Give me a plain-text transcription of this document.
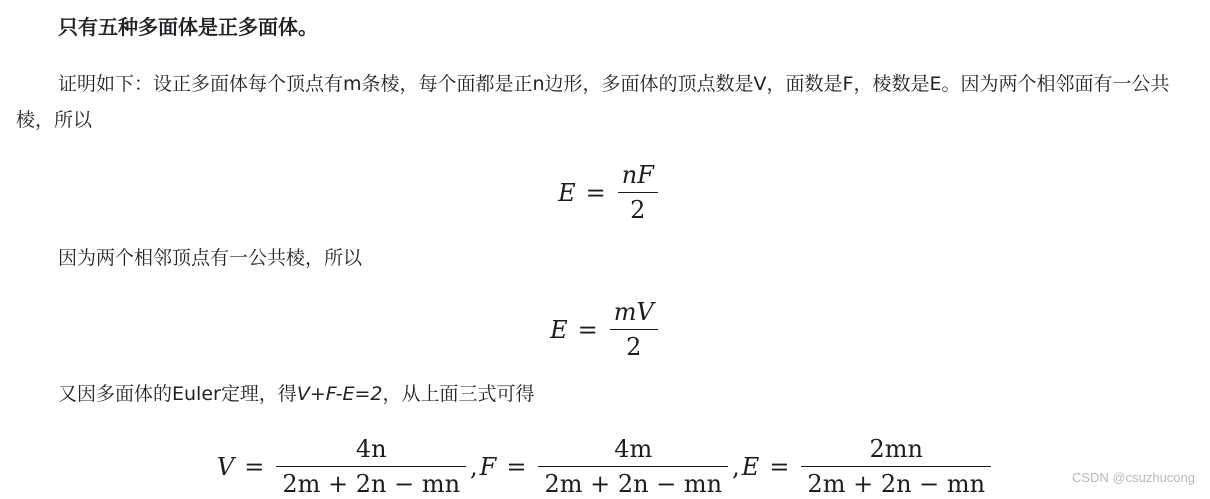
只有五种多面体是正多面体。

证明如下：设正多面体每个顶点有m条棱，每个面都是正n边形，多面体的顶点数是V，面数是F，棱数是E。因为两个相邻面有一公共棱，所以

$E = \frac{nF}{2}$

因为两个相邻顶点有一公共棱，所以

$E = \frac{mV}{2}$

又因多面体的Euler定理，得V+F-E=2，从上面三式可得

$V = \frac{4n}{2m + 2n - mn}$ , $F = \frac{4m}{2m + 2n - mn}$ , $E = \frac{2mn}{2m + 2n - mn}$	CSDN @csuzhucong
